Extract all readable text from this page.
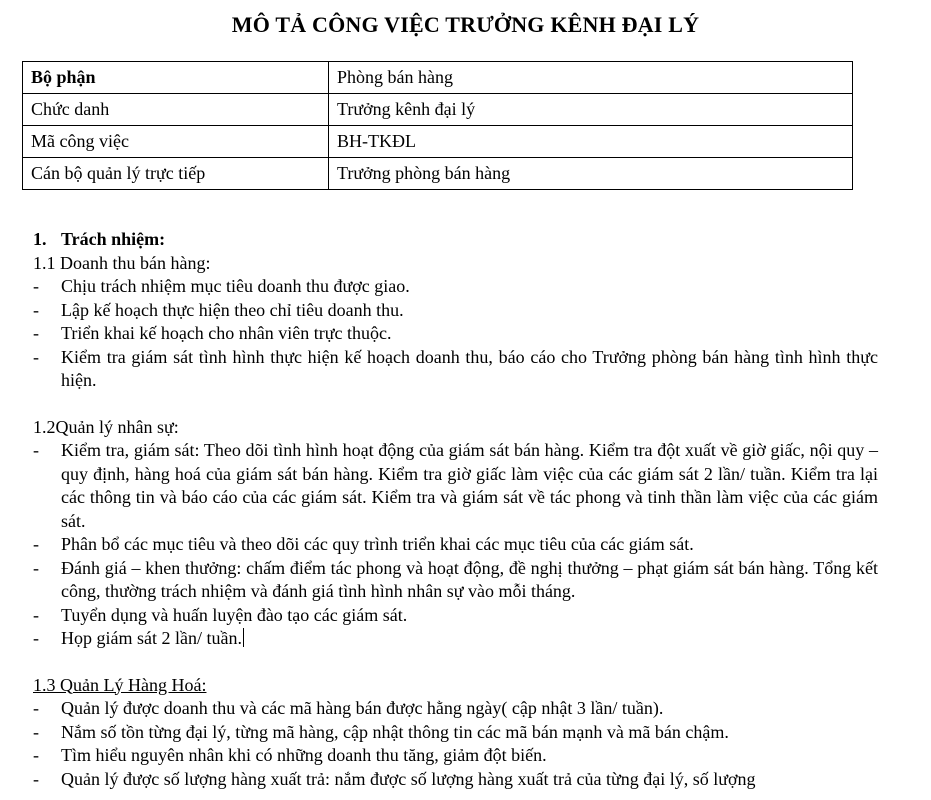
MÔ TẢ CÔNG VIỆC TRƯỞNG KÊNH ĐẠI LÝ
Bộ phận	Phòng bán hàng
Chức danh	Trưởng kênh đại lý
Mã công việc	BH-TKĐL
Cán bộ quản lý trực tiếp	Trưởng phòng bán hàng

1. Trách nhiệm:

1.1 Doanh thu bán hàng:

- Chịu trách nhiệm mục tiêu doanh thu được giao.
- Lập kế hoạch thực hiện theo chỉ tiêu doanh thu.
- Triển khai kế hoạch cho nhân viên trực thuộc.
- Kiểm tra giám sát tình hình thực hiện kế hoạch doanh thu, báo cáo cho Trưởng phòng bán hàng tình hình thực hiện.

1.2Quản lý nhân sự:

- Kiểm tra, giám sát: Theo dõi tình hình hoạt động của giám sát bán hàng. Kiểm tra đột xuất về giờ giấc, nội quy – quy định, hàng hoá của giám sát bán hàng. Kiểm tra giờ giấc làm việc của các giám sát 2 lần/ tuần. Kiểm tra lại các thông tin và báo cáo của các giám sát. Kiểm tra và giám sát về tác phong và tinh thần làm việc của các giám sát.
- Phân bổ các mục tiêu và theo dõi các quy trình triển khai các mục tiêu của các giám sát.
- Đánh giá – khen thưởng: chấm điểm tác phong và hoạt động, đề nghị thưởng – phạt giám sát bán hàng. Tổng kết công, thường trách nhiệm và đánh giá tình hình nhân sự vào mỗi tháng.
- Tuyển dụng và huấn luyện đào tạo các giám sát.
- Họp giám sát 2 lần/ tuần.

1.3 Quản Lý Hàng Hoá:

- Quản lý được doanh thu và các mã hàng bán được hằng ngày( cập nhật 3 lần/ tuần).
- Nắm số tồn từng đại lý, từng mã hàng, cập nhật thông tin các mã bán mạnh và mã bán chậm.
- Tìm hiểu nguyên nhân khi có những doanh thu tăng, giảm đột biến.
- Quản lý được số lượng hàng xuất trả: nắm được số lượng hàng xuất trả của từng đại lý, số lượng
